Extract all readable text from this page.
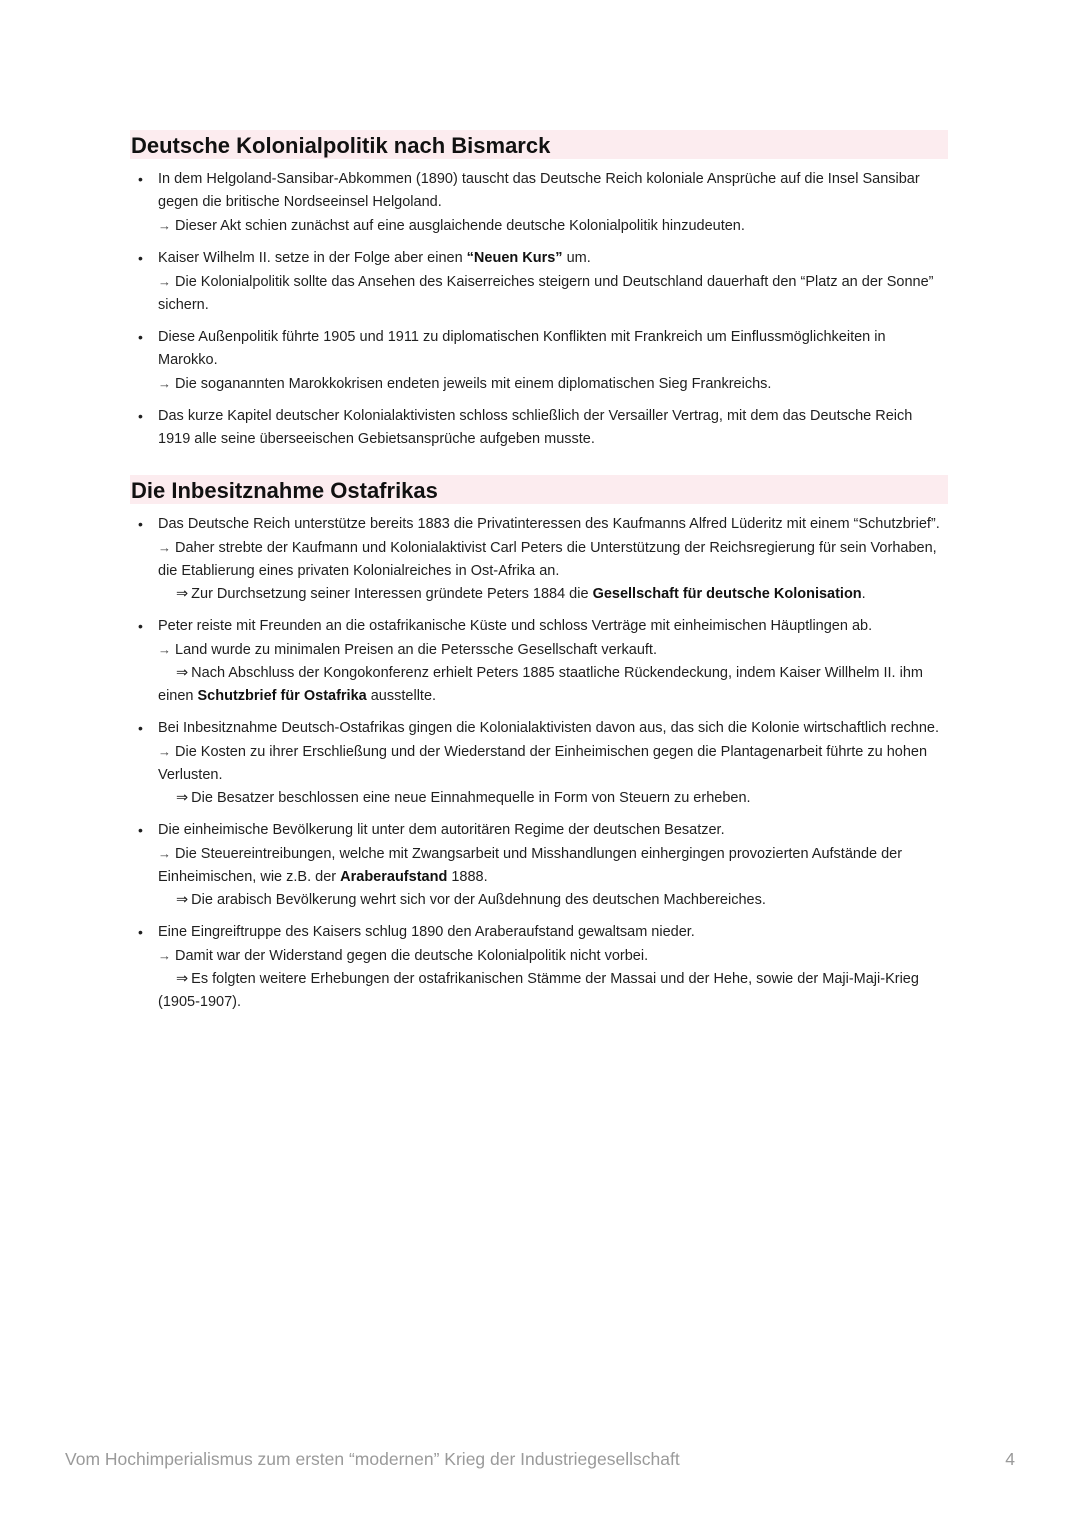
Deutsche Kolonialpolitik nach Bismarck
• In dem Helgoland-Sansibar-Abkommen (1890) tauscht das Deutsche Reich koloniale Ansprüche auf die Insel Sansibar gegen die britische Nordseeinsel Helgoland.
→ Dieser Akt schien zunächst auf eine ausglaichende deutsche Kolonialpolitik hinzudeuten.
• Kaiser Wilhelm II. setze in der Folge aber einen “Neuen Kurs” um.
→ Die Kolonialpolitik sollte das Ansehen des Kaiserreiches steigern und Deutschland dauerhaft den “Platz an der Sonne” sichern.
• Diese Außenpolitik führte 1905 und 1911 zu diplomatischen Konflikten mit Frankreich um Einflussmöglichkeiten in Marokko.
→ Die soganannten Marokkokrisen endeten jeweils mit einem diplomatischen Sieg Frankreichs.
• Das kurze Kapitel deutscher Kolonialaktivisten schloss schließlich der Versailler Vertrag, mit dem das Deutsche Reich 1919 alle seine überseeischen Gebietsansprüche aufgeben musste.
Die Inbesitznahme Ostafrikas
• Das Deutsche Reich unterstütze bereits 1883 die Privatinteressen des Kaufmanns Alfred Lüderitz mit einem “Schutzbrief”.
→ Daher strebte der Kaufmann und Kolonialaktivist Carl Peters die Unterstützung der Reichsregierung für sein Vorhaben, die Etablierung eines privaten Kolonialreiches in Ost-Afrika an.
⇒ Zur Durchsetzung seiner Interessen gründete Peters 1884 die Gesellschaft für deutsche Kolonisation.
• Peter reiste mit Freunden an die ostafrikanische Küste und schloss Verträge mit einheimischen Häuptlingen ab.
→ Land wurde zu minimalen Preisen an die Peterssche Gesellschaft verkauft.
⇒ Nach Abschluss der Kongokonferenz erhielt Peters 1885 staatliche Rückendeckung, indem Kaiser Willhelm II. ihm einen Schutzbrief für Ostafrika ausstellte.
• Bei Inbesitznahme Deutsch-Ostafrikas gingen die Kolonialaktivisten davon aus, das sich die Kolonie wirtschaftlich rechne.
→ Die Kosten zu ihrer Erschließung und der Wiederstand der Einheimischen gegen die Plantagenarbeit führte zu hohen Verlusten.
⇒ Die Besatzer beschlossen eine neue Einnahmequelle in Form von Steuern zu erheben.
• Die einheimische Bevölkerung lit unter dem autoritären Regime der deutschen Besatzer.
→ Die Steuereintreibungen, welche mit Zwangsarbeit und Misshandlungen einhergingen provozierten Aufstände der Einheimischen, wie z.B. der Araberaufstand 1888.
⇒ Die arabisch Bevölkerung wehrt sich vor der Außdehnung des deutschen Machbereiches.
• Eine Eingreiftruppe des Kaisers schlug 1890 den Araberaufstand gewaltsam nieder.
→ Damit war der Widerstand gegen die deutsche Kolonialpolitik nicht vorbei.
⇒ Es folgten weitere Erhebungen der ostafrikanischen Stämme der Massai und der Hehe, sowie der Maji-Maji-Krieg (1905-1907).
Vom Hochimperialismus zum ersten “modernen” Krieg der Industriegesellschaft	4
